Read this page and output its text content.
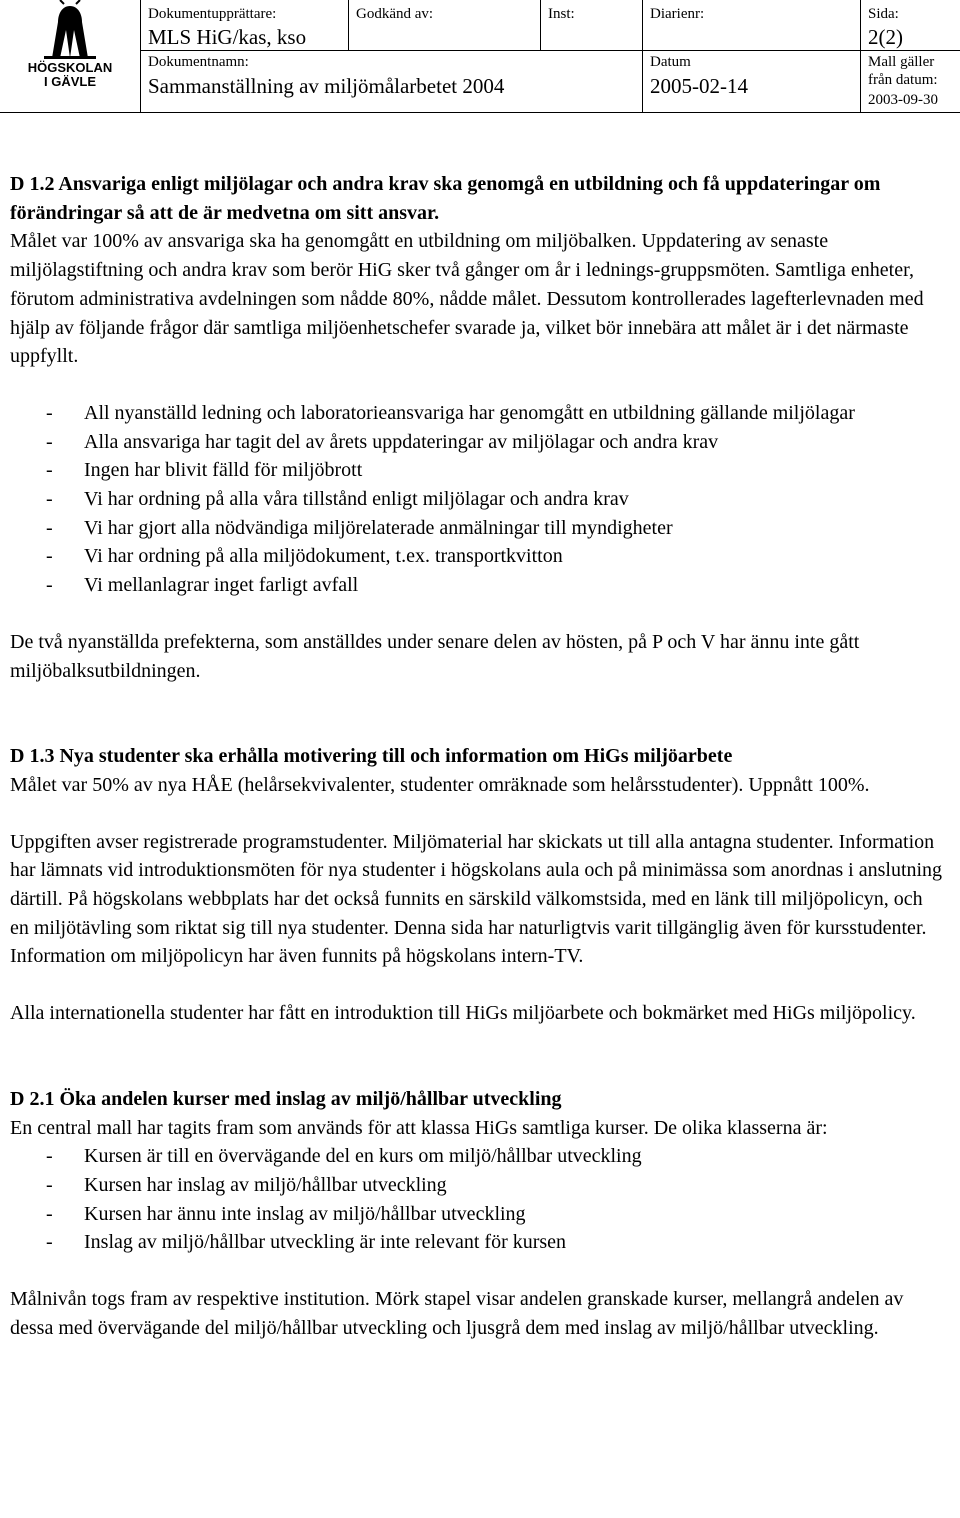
HÖGSKOLAN
I GÄVLE
Dokumentupprättare:
MLS HiG/kas, kso
Godkänd av:	Inst:	Diarienr:	Sida:
2(2)
Dokumentnamn:
Sammanställning av miljömålarbetet 2004
Datum
2005-02-14
Mall gäller
från datum:
2003-09-30

D 1.2 Ansvariga enligt miljölagar och andra krav ska genomgå en utbildning och få uppdateringar om förändringar så att de är medvetna om sitt ansvar.

Målet var 100% av ansvariga ska ha genomgått en utbildning om miljöbalken. Uppdatering av senaste miljölagstiftning och andra krav som berör HiG sker två gånger om år i lednings-gruppsmöten. Samtliga enheter, förutom administrativa avdelningen som nådde 80%, nådde målet. Dessutom kontrollerades lagefterlevnaden med hjälp av följande frågor där samtliga miljöenhetschefer svarade ja, vilket bör innebära att målet är i det närmaste uppfyllt.

- All nyanställd ledning och laboratorieansvariga har genomgått en utbildning gällande miljölagar
- Alla ansvariga har tagit del av årets uppdateringar av miljölagar och andra krav
- Ingen har blivit fälld för miljöbrott
- Vi har ordning på alla våra tillstånd enligt miljölagar och andra krav
- Vi har gjort alla nödvändiga miljörelaterade anmälningar till myndigheter
- Vi har ordning på alla miljödokument, t.ex. transportkvitton
- Vi mellanlagrar inget farligt avfall

De två nyanställda prefekterna, som anställdes under senare delen av hösten, på P och V har ännu inte gått miljöbalksutbildningen.

D 1.3 Nya studenter ska erhålla motivering till och information om HiGs miljöarbete

Målet var 50% av nya HÅE (helårsekvivalenter, studenter omräknade som helårsstudenter). Uppnått 100%.

Uppgiften avser registrerade programstudenter. Miljömaterial har skickats ut till alla antagna studenter. Information har lämnats vid introduktionsmöten för nya studenter i högskolans aula och på minimässa som anordnas i anslutning därtill. På högskolans webbplats har det också funnits en särskild välkomstsida, med en länk till miljöpolicyn, och en miljötävling som riktat sig till nya studenter. Denna sida har naturligtvis varit tillgänglig även för kursstudenter. Information om miljöpolicyn har även funnits på högskolans intern-TV.

Alla internationella studenter har fått en introduktion till HiGs miljöarbete och bokmärket med HiGs miljöpolicy.

D 2.1 Öka andelen kurser med inslag av miljö/hållbar utveckling

En central mall har tagits fram som används för att klassa HiGs samtliga kurser. De olika klasserna är:

- Kursen är till en övervägande del en kurs om miljö/hållbar utveckling
- Kursen har inslag av miljö/hållbar utveckling
- Kursen har ännu inte inslag av miljö/hållbar utveckling
- Inslag av miljö/hållbar utveckling är inte relevant för kursen

Målnivån togs fram av respektive institution. Mörk stapel visar andelen granskade kurser, mellangrå andelen av dessa med övervägande del miljö/hållbar utveckling och ljusgrå dem med inslag av miljö/hållbar utveckling.
